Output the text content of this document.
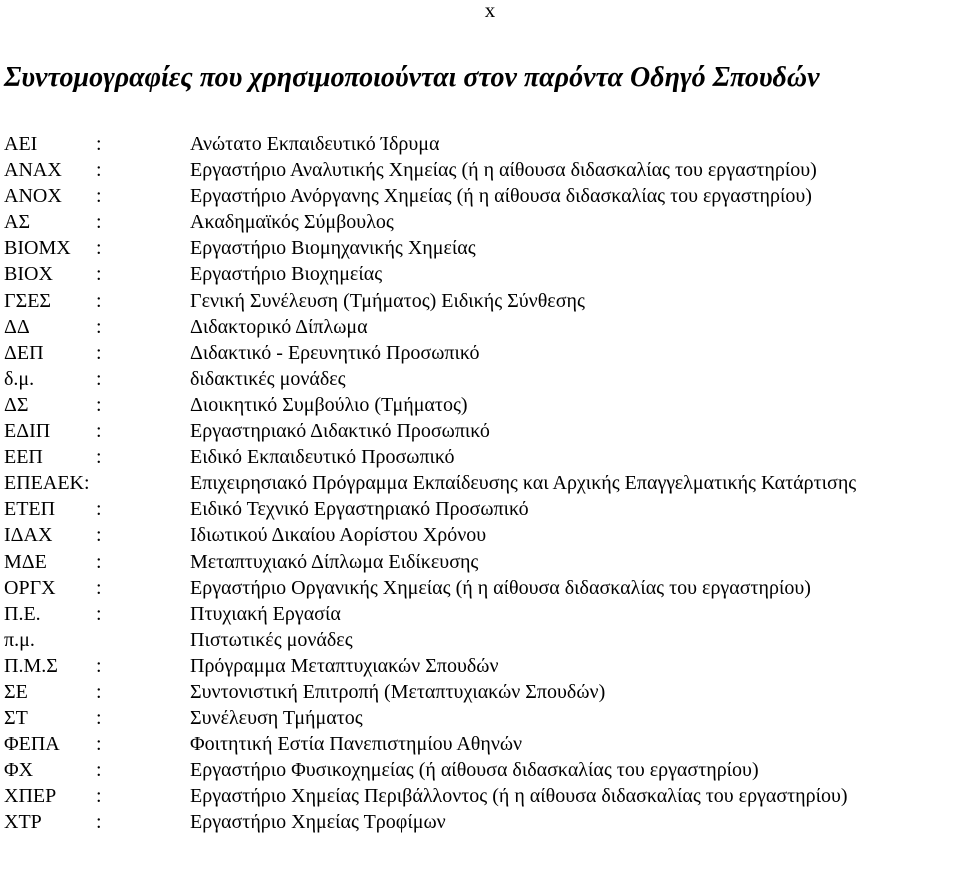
x
Συντομογραφίες που χρησιμοποιούνται στον παρόντα Οδηγό Σπουδών
ΑΕΙ	:	Ανώτατο Εκπαιδευτικό Ίδρυμα
ΑΝΑΧ	:	Εργαστήριο Αναλυτικής Χημείας (ή η αίθουσα διδασκαλίας του εργαστηρίου)
ΑΝΟΧ	:	Εργαστήριο Ανόργανης Χημείας (ή η αίθουσα διδασκαλίας του εργαστηρίου)
ΑΣ	:	Ακαδημαϊκός Σύμβουλος
ΒΙΟΜΧ	:	Εργαστήριο Βιομηχανικής Χημείας
ΒΙΟΧ	:	Εργαστήριο Βιοχημείας
ΓΣΕΣ	:	Γενική Συνέλευση (Τμήματος) Ειδικής Σύνθεσης
ΔΔ	:	Διδακτορικό Δίπλωμα
ΔΕΠ	:	Διδακτικό - Ερευνητικό Προσωπικό
δ.μ.	:	διδακτικές μονάδες
ΔΣ	:	Διοικητικό Συμβούλιο (Τμήματος)
ΕΔΙΠ	:	Εργαστηριακό Διδακτικό Προσωπικό
ΕΕΠ	:	Ειδικό Εκπαιδευτικό Προσωπικό
ΕΠΕΑΕΚ:	Επιχειρησιακό Πρόγραμμα Εκπαίδευσης και Αρχικής Επαγγελματικής Κατάρτισης
ΕΤΕΠ	:	Ειδικό Τεχνικό Εργαστηριακό Προσωπικό
ΙΔΑΧ	:	Ιδιωτικού Δικαίου Αορίστου Χρόνου
ΜΔΕ	:	Μεταπτυχιακό Δίπλωμα Ειδίκευσης
ΟΡΓΧ	:	Εργαστήριο Οργανικής Χημείας (ή η αίθουσα διδασκαλίας του εργαστηρίου)
Π.Ε.	:	Πτυχιακή Εργασία
π.μ.	Πιστωτικές μονάδες
Π.Μ.Σ	:	Πρόγραμμα Μεταπτυχιακών Σπουδών
ΣΕ	:	Συντονιστική Επιτροπή (Μεταπτυχιακών Σπουδών)
ΣΤ	:	Συνέλευση Τμήματος
ΦΕΠΑ	:	Φοιτητική Εστία Πανεπιστημίου Αθηνών
ΦΧ	:	Εργαστήριο Φυσικοχημείας (ή αίθουσα διδασκαλίας του εργαστηρίου)
ΧΠΕΡ	:	Εργαστήριο Χημείας Περιβάλλοντος (ή η αίθουσα διδασκαλίας του εργαστηρίου)
ΧΤΡ	:	Εργαστήριο Χημείας Τροφίμων
